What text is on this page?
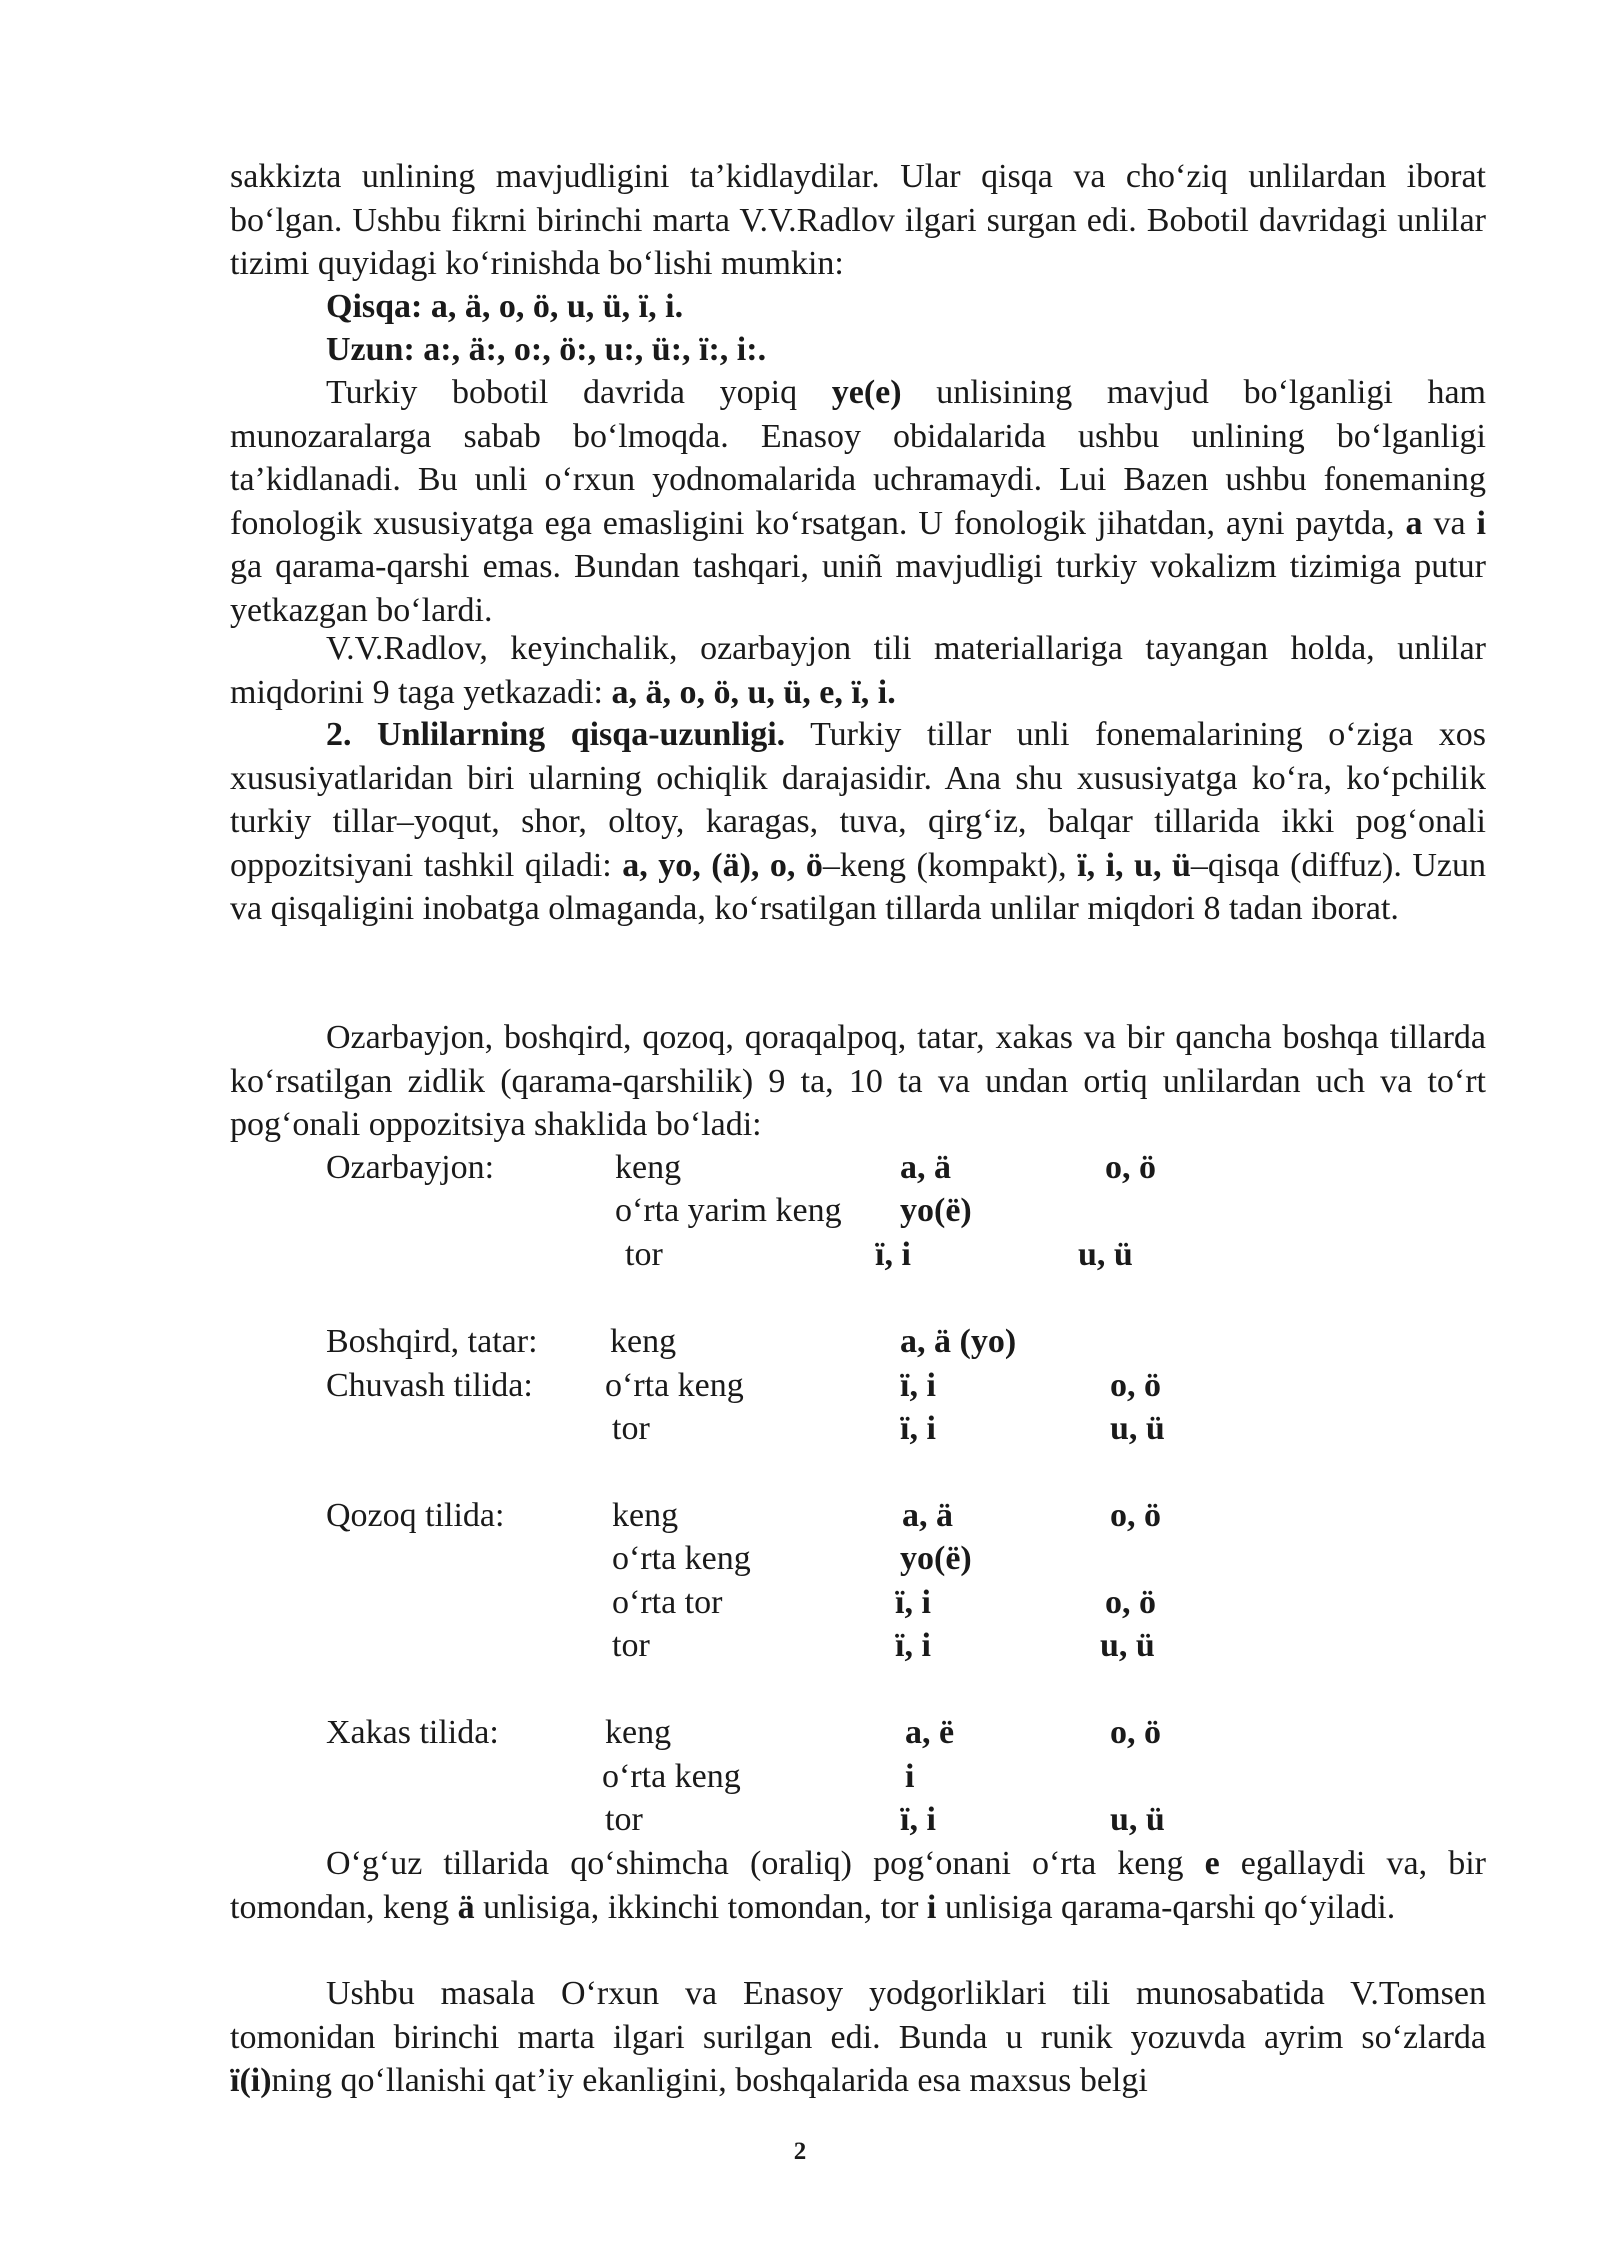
sakkizta unlining mavjudligini ta’kidlaydilar. Ular qisqa va cho‘ziq unlilardan iborat bo‘lgan. Ushbu fikrni birinchi marta V.V.Radlov ilgari surgan edi. Bobotil davridagi unlilar tizimi quyidagi ko‘rinishda bo‘lishi mumkin:

Qisqa: a, ä, o, ö, u, ü, ï, i.
Uzun: a:, ä:, o:, ö:, u:, ü:, ï:, i:.

Turkiy bobotil davrida yopiq ye(e) unlisining mavjud bo‘lganligi ham munozaralarga sabab bo‘lmoqda. Enasoy obidalarida ushbu unlining bo‘lganligi ta’kidlanadi. Bu unli o‘rxun yodnomalarida uchramaydi. Lui Bazen ushbu fonemaning fonologik xususiyatga ega emasligini ko‘rsatgan. U fonologik jihatdan, ayni paytda, a va i ga qarama-qarshi emas. Bundan tashqari, uniñ mavjudligi turkiy vokalizm tizimiga putur yetkazgan bo‘lardi.

V.V.Radlov, keyinchalik, ozarbayjon tili materiallariga tayangan holda, unlilar miqdorini 9 taga yetkazadi: a, ä, o, ö, u, ü, e, ï, i.

2. Unlilarning qisqa-uzunligi. Turkiy tillar unli fonemalarining o‘ziga xos xususiyatlaridan biri ularning ochiqlik darajasidir. Ana shu xususiyatga ko‘ra, ko‘pchilik turkiy tillar–yoqut, shor, oltoy, karagas, tuva, qirg‘iz, balqar tillarida ikki pog‘onali oppozitsiyani tashkil qiladi: a, yo, (ä), o, ö–keng (kompakt), ï, i, u, ü–qisqa (diffuz). Uzun va qisqaligini inobatga olmaganda, ko‘rsatilgan tillarda unlilar miqdori 8 tadan iborat.

Ozarbayjon, boshqird, qozoq, qoraqalpoq, tatar, xakas va bir qancha boshqa tillarda ko‘rsatilgan zidlik (qarama-qarshilik) 9 ta, 10 ta va undan ortiq unlilardan uch va to‘rt pog‘onali oppozitsiya shaklida bo‘ladi:

Ozarbayjon:	keng	a, ä	o, ö
o‘rta yarim keng yo(ë)
tor	ï, i	u, ü
Boshqird, tatar: keng	a, ä (yo)
Chuvash tilida: o‘rta keng	ï, i	o, ö
tor	ï, i	u, ü
Qozoq tilida:	keng	a, ä	o, ö
o‘rta keng	yo(ë)
o‘rta tor	ï, i	o, ö
tor	ï, i	u, ü
Xakas tilida:	keng	a, ë	o, ö
o‘rta keng	i
tor	ï, i	u, ü

O‘g‘uz tillarida qo‘shimcha (oraliq) pog‘onani o‘rta keng e egallaydi va, bir tomondan, keng ä unlisiga, ikkinchi tomondan, tor i unlisiga qarama-qarshi qo‘yiladi.

Ushbu masala O‘rxun va Enasoy yodgorliklari tili munosabatida V.Tomsen tomonidan birinchi marta ilgari surilgan edi. Bunda u runik yozuvda ayrim so‘zlarda ï(i)ning qo‘llanishi qat’iy ekanligini, boshqalarida esa maxsus belgi

2
